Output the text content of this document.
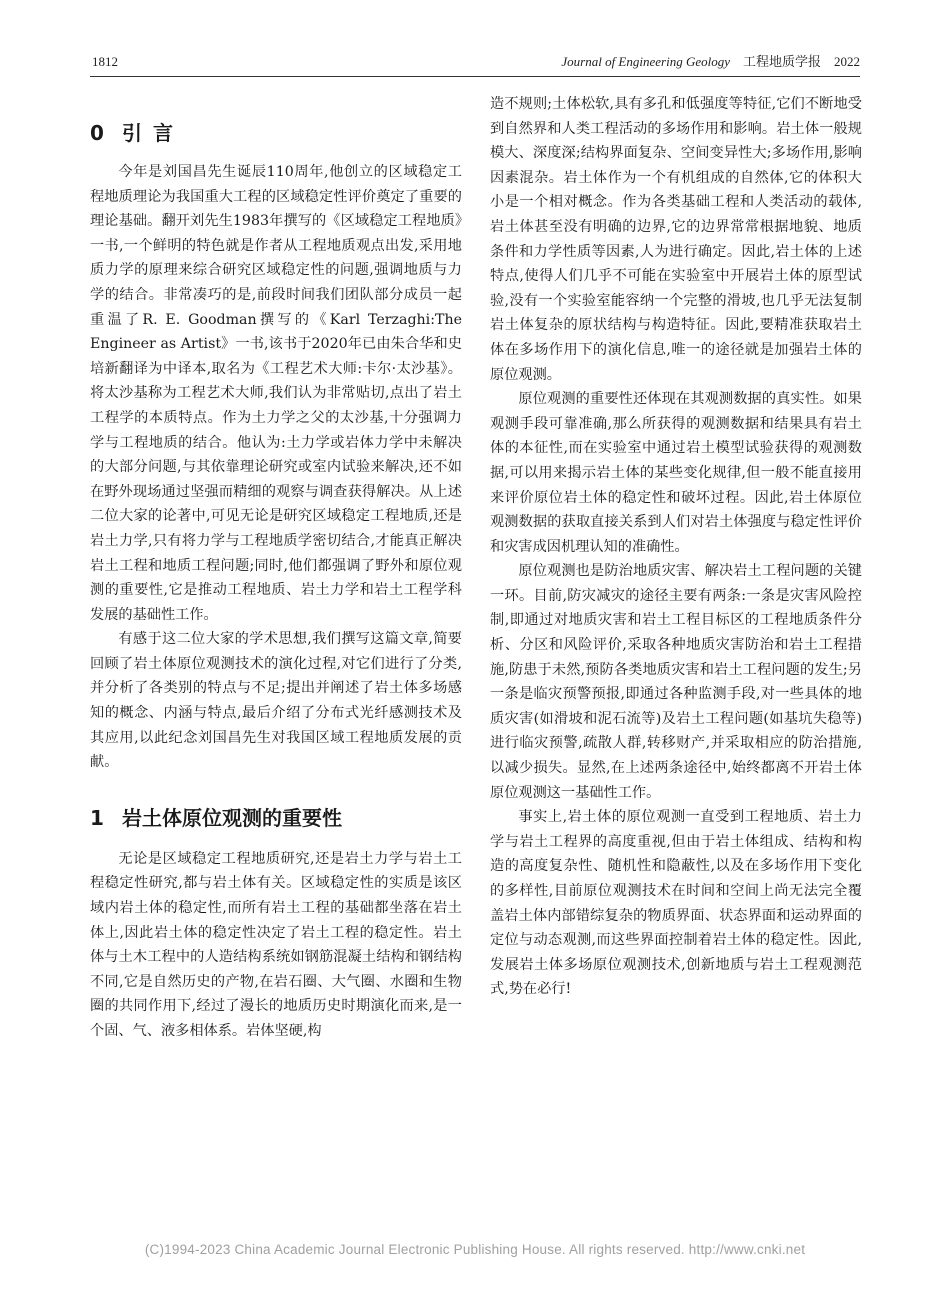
1812	Journal of Engineering Geology 工程地质学报 2022
0 引 言

今年是刘国昌先生诞辰110周年,他创立的区域稳定工程地质理论为我国重大工程的区域稳定性评价奠定了重要的理论基础。翻开刘先生1983年撰写的《区域稳定工程地质》一书,一个鲜明的特色就是作者从工程地质观点出发,采用地质力学的原理来综合研究区域稳定性的问题,强调地质与力学的结合。非常凑巧的是,前段时间我们团队部分成员一起重温了R. E. Goodman撰写的《Karl Terzaghi:The Engineer as Artist》一书,该书于2020年已由朱合华和史培新翻译为中译本,取名为《工程艺术大师:卡尔·太沙基》。将太沙基称为工程艺术大师,我们认为非常贴切,点出了岩土工程学的本质特点。作为土力学之父的太沙基,十分强调力学与工程地质的结合。他认为:土力学或岩体力学中未解决的大部分问题,与其依靠理论研究或室内试验来解决,还不如在野外现场通过坚强而精细的观察与调查获得解决。从上述二位大家的论著中,可见无论是研究区域稳定工程地质,还是岩土力学,只有将力学与工程地质学密切结合,才能真正解决岩土工程和地质工程问题;同时,他们都强调了野外和原位观测的重要性,它是推动工程地质、岩土力学和岩土工程学科发展的基础性工作。

有感于这二位大家的学术思想,我们撰写这篇文章,简要回顾了岩土体原位观测技术的演化过程,对它们进行了分类,并分析了各类别的特点与不足;提出并阐述了岩土体多场感知的概念、内涵与特点,最后介绍了分布式光纤感测技术及其应用,以此纪念刘国昌先生对我国区域工程地质发展的贡献。

1 岩土体原位观测的重要性

无论是区域稳定工程地质研究,还是岩土力学与岩土工程稳定性研究,都与岩土体有关。区域稳定性的实质是该区域内岩土体的稳定性,而所有岩土工程的基础都坐落在岩土体上,因此岩土体的稳定性决定了岩土工程的稳定性。岩土体与土木工程中的人造结构系统如钢筋混凝土结构和钢结构不同,它是自然历史的产物,在岩石圈、大气圈、水圈和生物圈的共同作用下,经过了漫长的地质历史时期演化而来,是一个固、气、液多相体系。岩体坚硬,构

造不规则;土体松软,具有多孔和低强度等特征,它们不断地受到自然界和人类工程活动的多场作用和影响。岩土体一般规模大、深度深;结构界面复杂、空间变异性大;多场作用,影响因素混杂。岩土体作为一个有机组成的自然体,它的体积大小是一个相对概念。作为各类基础工程和人类活动的载体,岩土体甚至没有明确的边界,它的边界常常根据地貌、地质条件和力学性质等因素,人为进行确定。因此,岩土体的上述特点,使得人们几乎不可能在实验室中开展岩土体的原型试验,没有一个实验室能容纳一个完整的滑坡,也几乎无法复制岩土体复杂的原状结构与构造特征。因此,要精准获取岩土体在多场作用下的演化信息,唯一的途径就是加强岩土体的原位观测。

原位观测的重要性还体现在其观测数据的真实性。如果观测手段可靠准确,那么所获得的观测数据和结果具有岩土体的本征性,而在实验室中通过岩土模型试验获得的观测数据,可以用来揭示岩土体的某些变化规律,但一般不能直接用来评价原位岩土体的稳定性和破坏过程。因此,岩土体原位观测数据的获取直接关系到人们对岩土体强度与稳定性评价和灾害成因机理认知的准确性。

原位观测也是防治地质灾害、解决岩土工程问题的关键一环。目前,防灾减灾的途径主要有两条:一条是灾害风险控制,即通过对地质灾害和岩土工程目标区的工程地质条件分析、分区和风险评价,采取各种地质灾害防治和岩土工程措施,防患于未然,预防各类地质灾害和岩土工程问题的发生;另一条是临灾预警预报,即通过各种监测手段,对一些具体的地质灾害(如滑坡和泥石流等)及岩土工程问题(如基坑失稳等)进行临灾预警,疏散人群,转移财产,并采取相应的防治措施,以减少损失。显然,在上述两条途径中,始终都离不开岩土体原位观测这一基础性工作。

事实上,岩土体的原位观测一直受到工程地质、岩土力学与岩土工程界的高度重视,但由于岩土体组成、结构和构造的高度复杂性、随机性和隐蔽性,以及在多场作用下变化的多样性,目前原位观测技术在时间和空间上尚无法完全覆盖岩土体内部错综复杂的物质界面、状态界面和运动界面的定位与动态观测,而这些界面控制着岩土体的稳定性。因此,发展岩土体多场原位观测技术,创新地质与岩土工程观测范式,势在必行!

(C)1994-2023 China Academic Journal Electronic Publishing House. All rights reserved. http://www.cnki.net
